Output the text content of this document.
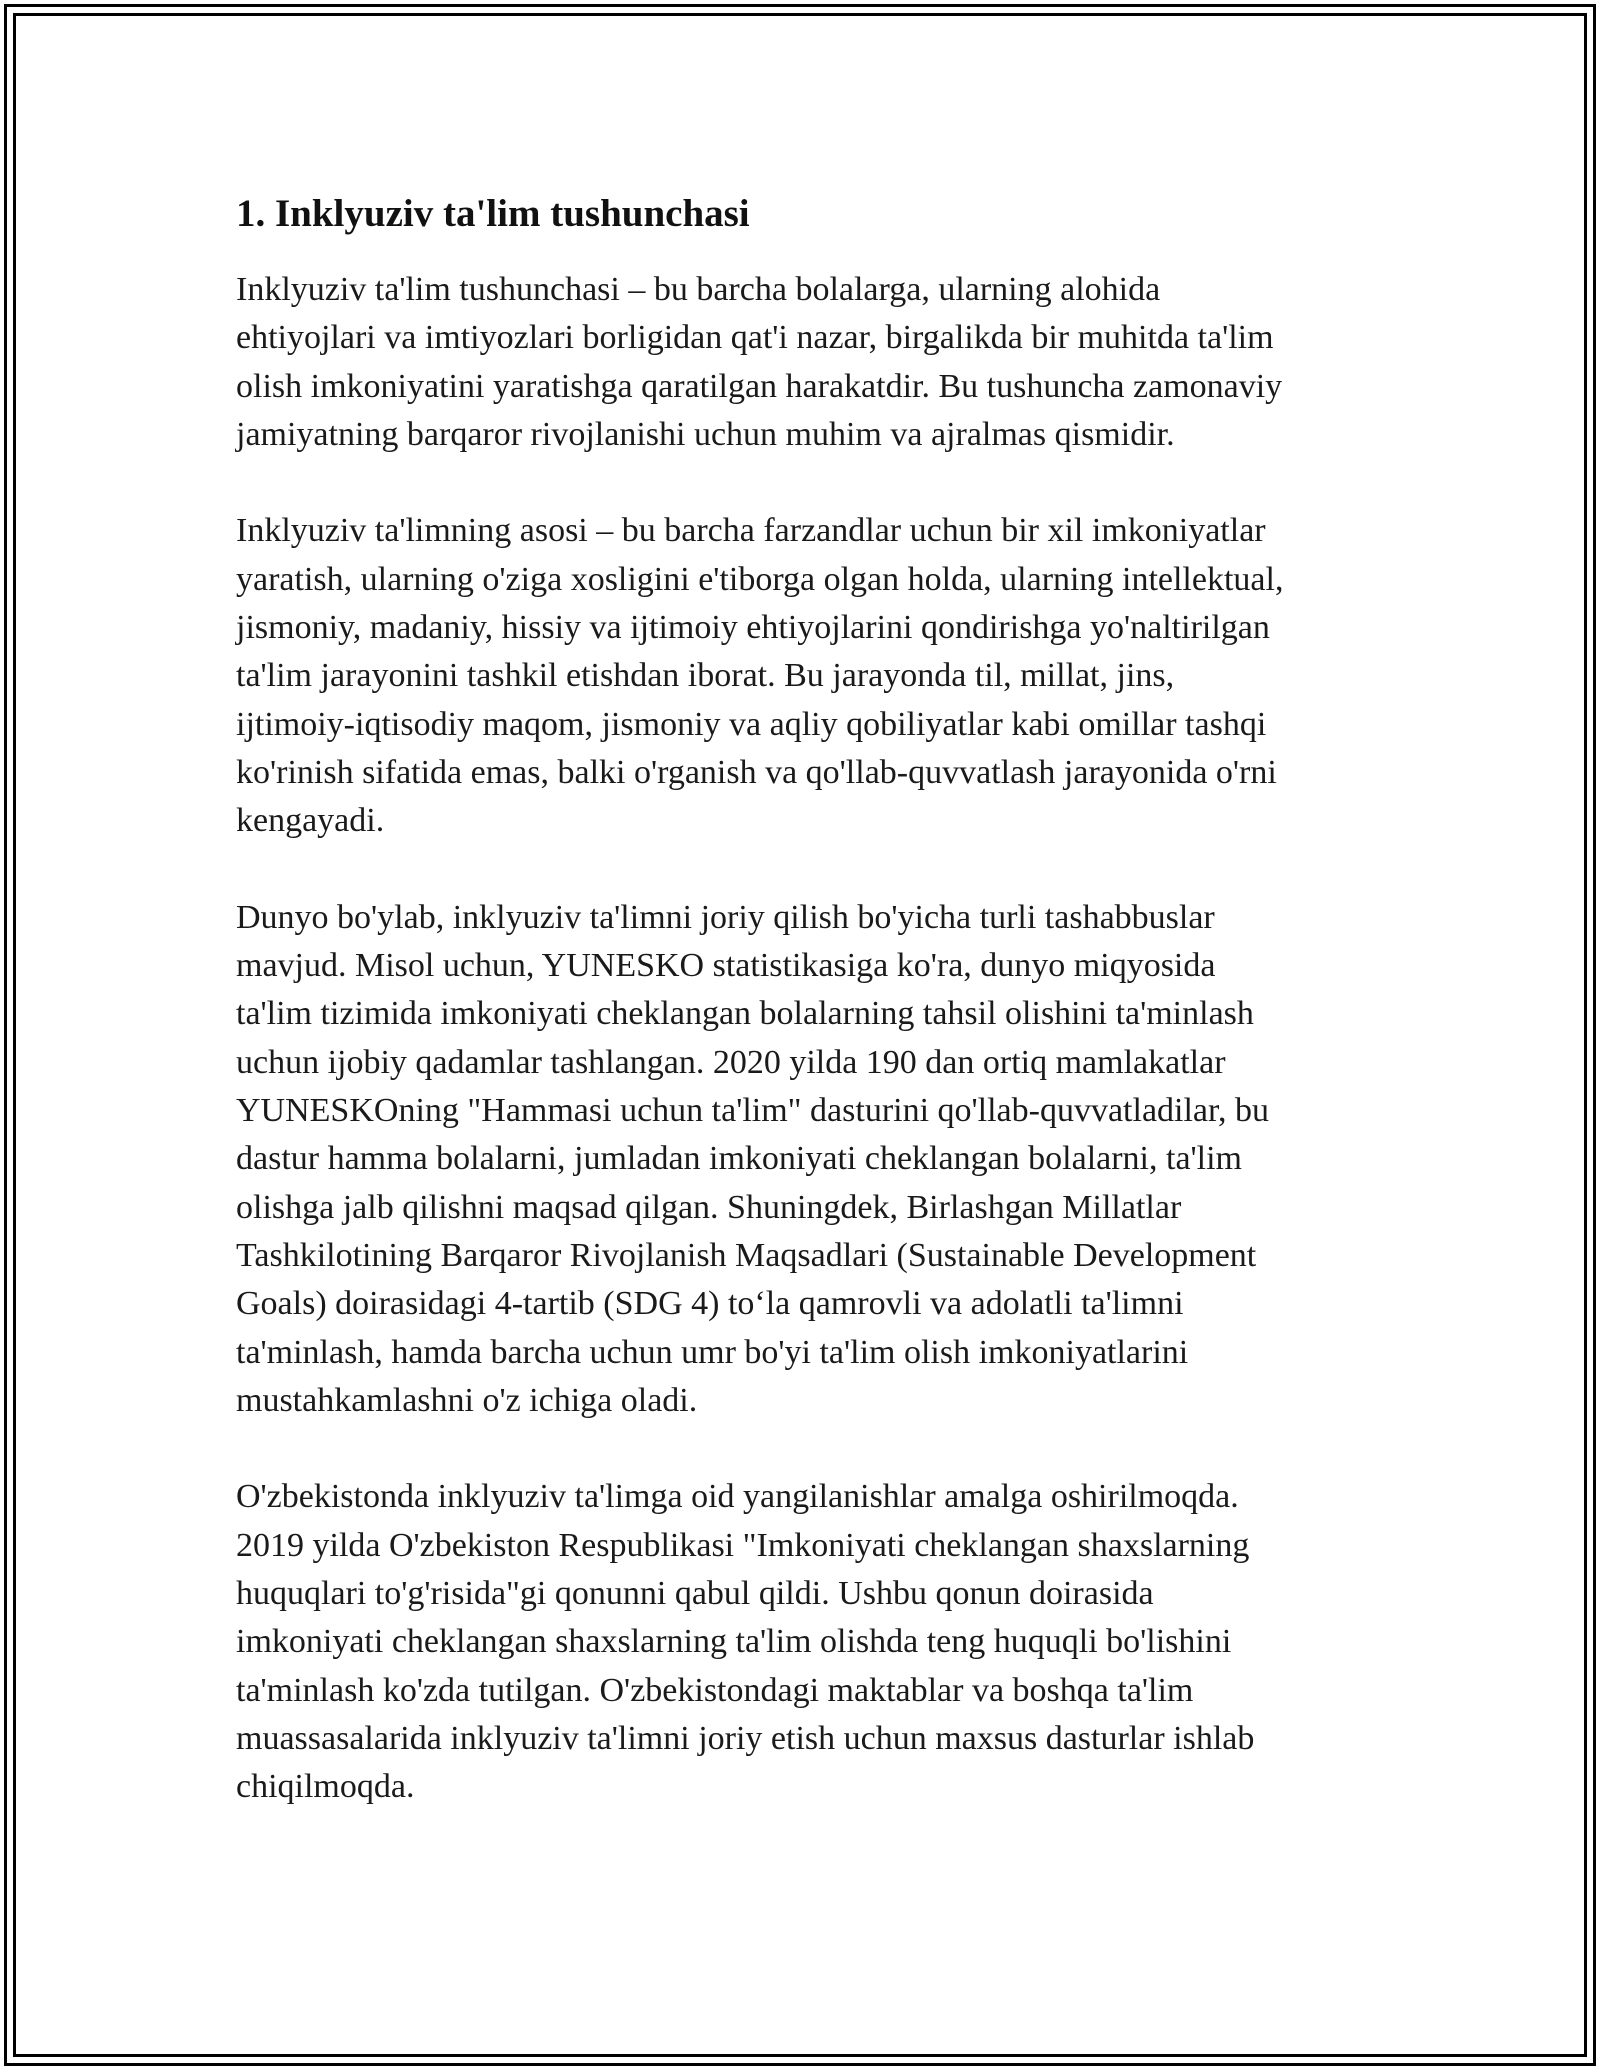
1. Inklyuziv ta'lim tushunchasi

Inklyuziv ta'lim tushunchasi – bu barcha bolalarga, ularning alohida
ehtiyojlari va imtiyozlari borligidan qat'i nazar, birgalikda bir muhitda ta'lim
olish imkoniyatini yaratishga qaratilgan harakatdir. Bu tushuncha zamonaviy
jamiyatning barqaror rivojlanishi uchun muhim va ajralmas qismidir.

Inklyuziv ta'limning asosi – bu barcha farzandlar uchun bir xil imkoniyatlar
yaratish, ularning o'ziga xosligini e'tiborga olgan holda, ularning intellektual,
jismoniy, madaniy, hissiy va ijtimoiy ehtiyojlarini qondirishga yo'naltirilgan
ta'lim jarayonini tashkil etishdan iborat. Bu jarayonda til, millat, jins,
ijtimoiy-iqtisodiy maqom, jismoniy va aqliy qobiliyatlar kabi omillar tashqi
ko'rinish sifatida emas, balki o'rganish va qo'llab-quvvatlash jarayonida o'rni
kengayadi.

Dunyo bo'ylab, inklyuziv ta'limni joriy qilish bo'yicha turli tashabbuslar
mavjud. Misol uchun, YUNESKO statistikasiga ko'ra, dunyo miqyosida
ta'lim tizimida imkoniyati cheklangan bolalarning tahsil olishini ta'minlash
uchun ijobiy qadamlar tashlangan. 2020 yilda 190 dan ortiq mamlakatlar
YUNESKOning "Hammasi uchun ta'lim" dasturini qo'llab-quvvatladilar, bu
dastur hamma bolalarni, jumladan imkoniyati cheklangan bolalarni, ta'lim
olishga jalb qilishni maqsad qilgan. Shuningdek, Birlashgan Millatlar
Tashkilotining Barqaror Rivojlanish Maqsadlari (Sustainable Development
Goals) doirasidagi 4-tartib (SDG 4) to‘la qamrovli va adolatli ta'limni
ta'minlash, hamda barcha uchun umr bo'yi ta'lim olish imkoniyatlarini
mustahkamlashni o'z ichiga oladi.

O'zbekistonda inklyuziv ta'limga oid yangilanishlar amalga oshirilmoqda.
2019 yilda O'zbekiston Respublikasi "Imkoniyati cheklangan shaxslarning
huquqlari to'g'risida"gi qonunni qabul qildi. Ushbu qonun doirasida
imkoniyati cheklangan shaxslarning ta'lim olishda teng huquqli bo'lishini
ta'minlash ko'zda tutilgan. O'zbekistondagi maktablar va boshqa ta'lim
muassasalarida inklyuziv ta'limni joriy etish uchun maxsus dasturlar ishlab
chiqilmoqda.
